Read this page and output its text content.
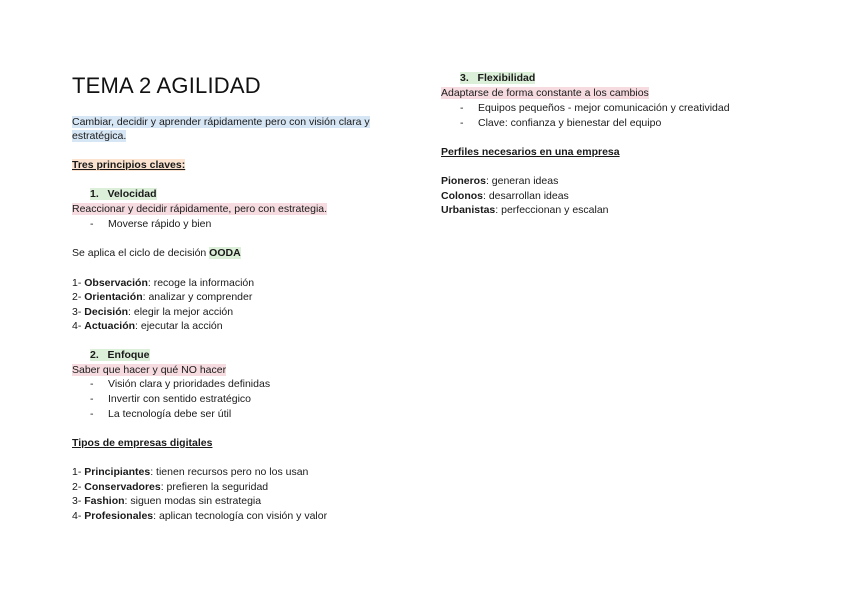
TEMA 2 AGILIDAD
Cambiar, decidir y aprender rápidamente pero con visión clara y
estratégica.
Tres principios claves:
1. Velocidad
Reaccionar y decidir rápidamente, pero con estrategia.
- Moverse rápido y bien
Se aplica el ciclo de decisión OODA
1- Observación: recoge la información
2- Orientación: analizar y comprender
3- Decisión: elegir la mejor acción
4- Actuación: ejecutar la acción
2. Enfoque
Saber que hacer y qué NO hacer
- Visión clara y prioridades definidas
- Invertir con sentido estratégico
- La tecnología debe ser útil
Tipos de empresas digitales
1- Principiantes: tienen recursos pero no los usan
2- Conservadores: prefieren la seguridad
3- Fashion: siguen modas sin estrategia
4- Profesionales: aplican tecnología con visión y valor
3. Flexibilidad
Adaptarse de forma constante a los cambios
- Equipos pequeños - mejor comunicación y creatividad
- Clave: confianza y bienestar del equipo
Perfiles necesarios en una empresa
Pioneros: generan ideas
Colonos: desarrollan ideas
Urbanistas: perfeccionan y escalan
